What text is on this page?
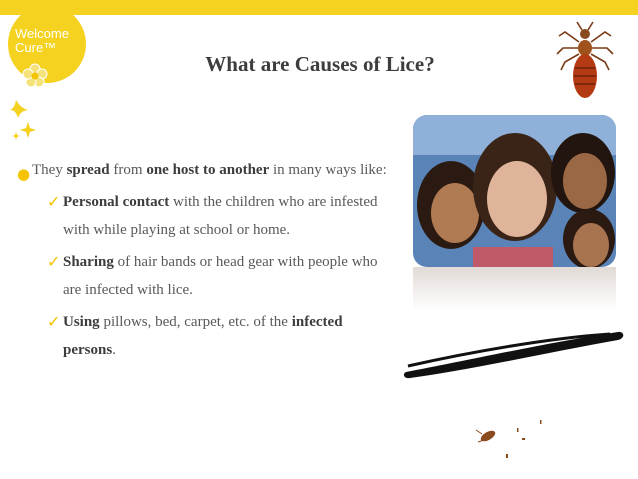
Welcome
Cure™
What are Causes of Lice?
● They spread from one host to another in many ways like:
✓ Personal contact with the children who are infested with while playing at school or home.
✓ Sharing of hair bands or head gear with people who are infected with lice.
✓ Using pillows, bed, carpet, etc. of the infected persons.
